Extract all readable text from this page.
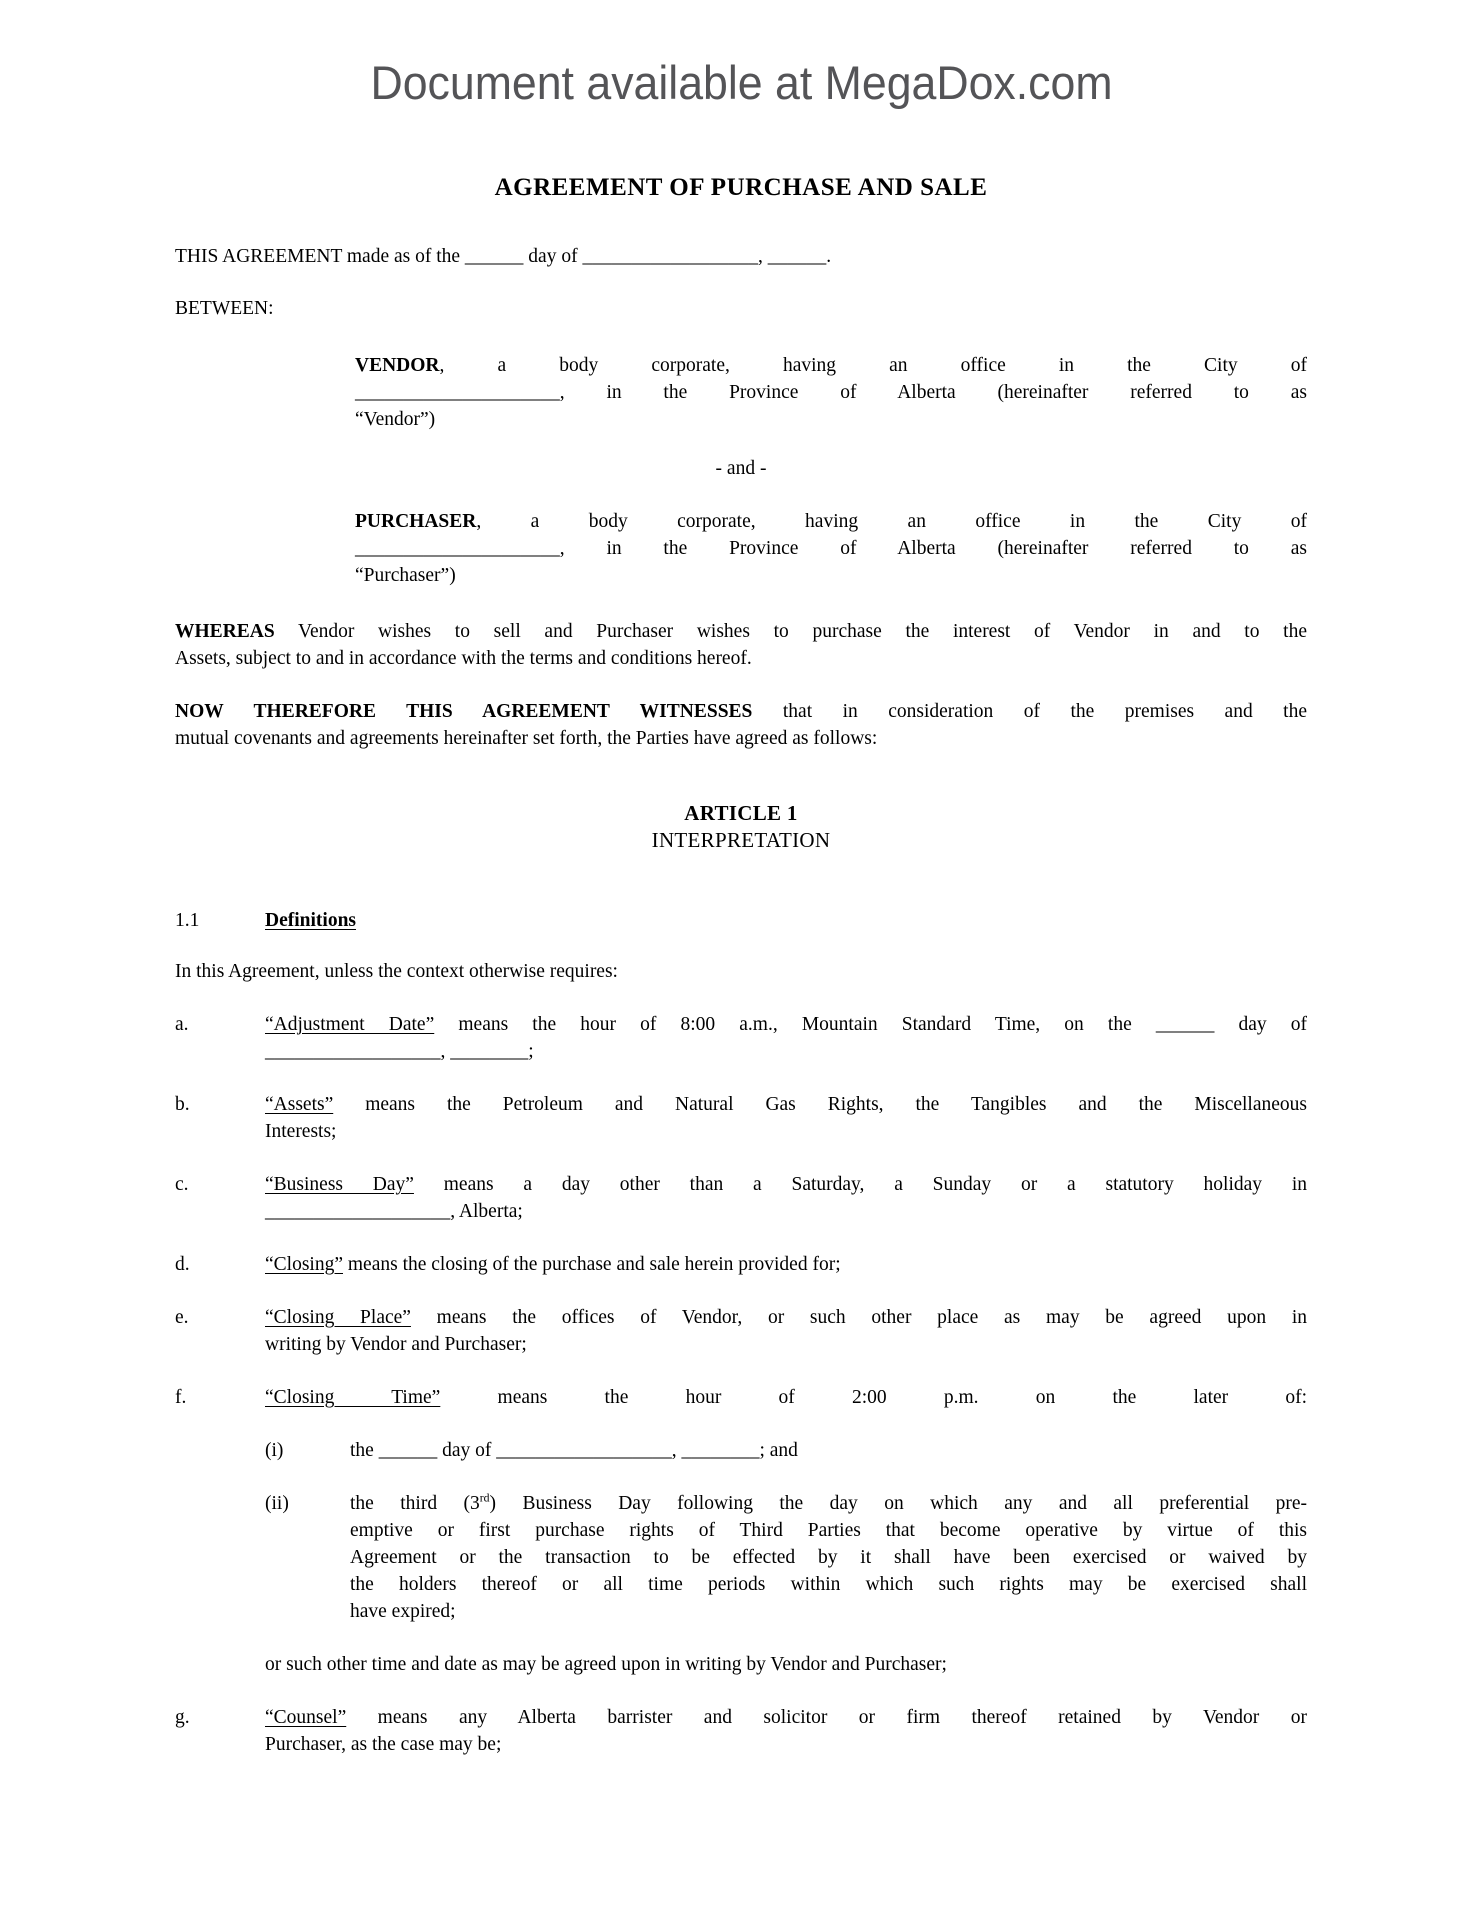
Document available at MegaDox.com
AGREEMENT OF PURCHASE AND SALE
THIS AGREEMENT made as of the ______ day of __________________, ______.
BETWEEN:
VENDOR, a body corporate, having an office in the City of
_____________________, in the Province of Alberta (hereinafter referred to as
“Vendor”)
- and -
PURCHASER, a body corporate, having an office in the City of
_____________________, in the Province of Alberta (hereinafter referred to as
“Purchaser”)
WHEREAS Vendor wishes to sell and Purchaser wishes to purchase the interest of Vendor in and to the
Assets, subject to and in accordance with the terms and conditions hereof.
NOW THEREFORE THIS AGREEMENT WITNESSES that in consideration of the premises and the
mutual covenants and agreements hereinafter set forth, the Parties have agreed as follows:
ARTICLE 1
INTERPRETATION
1.1	Definitions
In this Agreement, unless the context otherwise requires:
a.	“Adjustment Date” means the hour of 8:00 a.m., Mountain Standard Time, on the ______ day of
__________________, ________;
b.	“Assets” means the Petroleum and Natural Gas Rights, the Tangibles and the Miscellaneous
Interests;
c.	“Business Day” means a day other than a Saturday, a Sunday or a statutory holiday in
___________________, Alberta;
d.	“Closing” means the closing of the purchase and sale herein provided for;
e.	“Closing Place” means the offices of Vendor, or such other place as may be agreed upon in
writing by Vendor and Purchaser;
f.	“Closing Time” means the hour of 2:00 p.m. on the later of:
(i)	the ______ day of __________________, ________; and
(ii)	the third (3rd) Business Day following the day on which any and all preferential pre-
emptive or first purchase rights of Third Parties that become operative by virtue of this
Agreement or the transaction to be effected by it shall have been exercised or waived by
the holders thereof or all time periods within which such rights may be exercised shall
have expired;
or such other time and date as may be agreed upon in writing by Vendor and Purchaser;
g.	“Counsel” means any Alberta barrister and solicitor or firm thereof retained by Vendor or
Purchaser, as the case may be;
